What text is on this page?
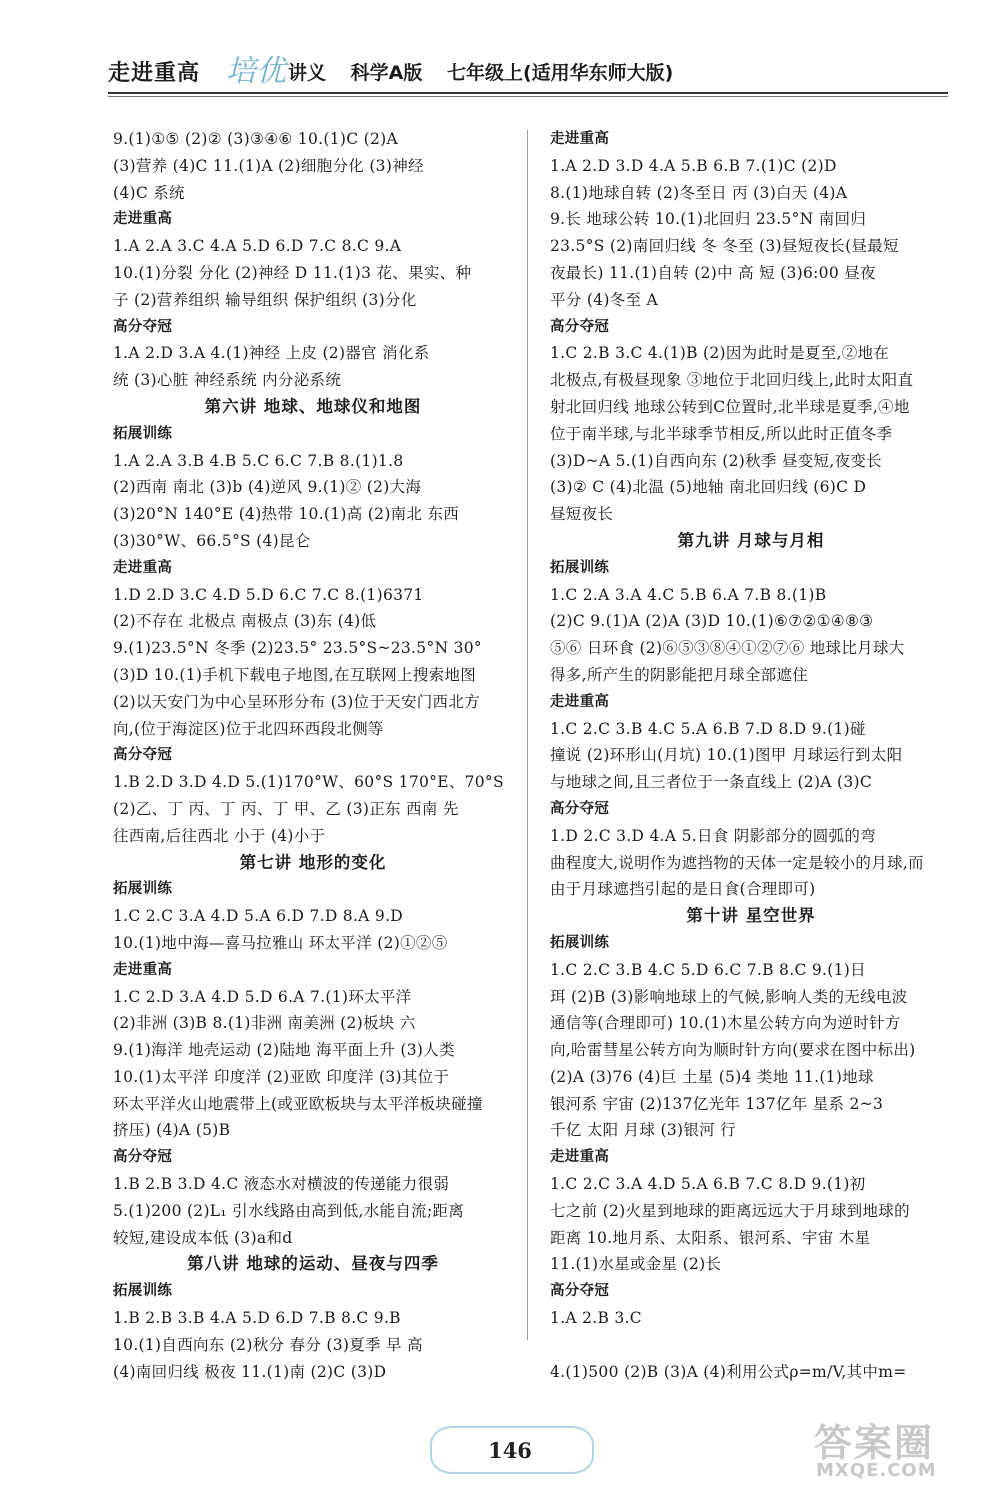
走进重高 培优 讲义 科学A版 七年级上(适用华东师大版)
9.(1)①⑤ (2)② (3)③④⑥ 10.(1)C (2)A
(3)营养 (4)C 11.(1)A (2)细胞分化 (3)神经
(4)C 系统
走进重高
1.A 2.A 3.C 4.A 5.D 6.D 7.C 8.C 9.A
10.(1)分裂 分化 (2)神经 D 11.(1)3 花、果实、种
子 (2)营养组织 输导组织 保护组织 (3)分化
高分夺冠
1.A 2.D 3.A 4.(1)神经 上皮 (2)器官 消化系
统 (3)心脏 神经系统 内分泌系统
第六讲 地球、地球仪和地图
拓展训练
1.A 2.A 3.B 4.B 5.C 6.C 7.B 8.(1)1.8
(2)西南 南北 (3)b (4)逆风 9.(1)② (2)大海
(3)20°N 140°E (4)热带 10.(1)高 (2)南北 东西
(3)30°W、66.5°S (4)昆仑
走进重高
1.D 2.D 3.C 4.D 5.D 6.C 7.C 8.(1)6371
(2)不存在 北极点 南极点 (3)东 (4)低
9.(1)23.5°N 冬季 (2)23.5° 23.5°S~23.5°N 30°
(3)D 10.(1)手机下载电子地图,在互联网上搜索地图
(2)以天安门为中心呈环形分布 (3)位于天安门西北方
向,(位于海淀区)位于北四环西段北侧等
高分夺冠
1.B 2.D 3.D 4.D 5.(1)170°W、60°S 170°E、70°S
(2)乙、丁 丙、丁 丙、丁 甲、乙 (3)正东 西南 先
往西南,后往西北 小于 (4)小于
第七讲 地形的变化
拓展训练
1.C 2.C 3.A 4.D 5.A 6.D 7.D 8.A 9.D
10.(1)地中海—喜马拉雅山 环太平洋 (2)①②⑤
走进重高
1.C 2.D 3.A 4.D 5.D 6.A 7.(1)环太平洋
(2)非洲 (3)B 8.(1)非洲 南美洲 (2)板块 六
9.(1)海洋 地壳运动 (2)陆地 海平面上升 (3)人类
10.(1)太平洋 印度洋 (2)亚欧 印度洋 (3)其位于
环太平洋火山地震带上(或亚欧板块与太平洋板块碰撞
挤压) (4)A (5)B
高分夺冠
1.B 2.B 3.D 4.C 液态水对横波的传递能力很弱
5.(1)200 (2)L₁ 引水线路由高到低,水能自流;距离
较短,建设成本低 (3)a和d
第八讲 地球的运动、昼夜与四季
拓展训练
1.B 2.B 3.B 4.A 5.D 6.D 7.B 8.C 9.B
10.(1)自西向东 (2)秋分 春分 (3)夏季 早 高
(4)南回归线 极夜 11.(1)南 (2)C (3)D
走进重高
1.A 2.D 3.D 4.A 5.B 6.B 7.(1)C (2)D
8.(1)地球自转 (2)冬至日 丙 (3)白天 (4)A
9.长 地球公转 10.(1)北回归 23.5°N 南回归
23.5°S (2)南回归线 冬 冬至 (3)昼短夜长(昼最短
夜最长) 11.(1)自转 (2)中 高 短 (3)6:00 昼夜
平分 (4)冬至 A
高分夺冠
1.C 2.B 3.C 4.(1)B (2)因为此时是夏至,②地在
北极点,有极昼现象 ③地位于北回归线上,此时太阳直
射北回归线 地球公转到C位置时,北半球是夏季,④地
位于南半球,与北半球季节相反,所以此时正值冬季
(3)D~A 5.(1)自西向东 (2)秋季 昼变短,夜变长
(3)② C (4)北温 (5)地轴 南北回归线 (6)C D
昼短夜长
第九讲 月球与月相
拓展训练
1.C 2.A 3.A 4.C 5.B 6.A 7.B 8.(1)B
(2)C 9.(1)A (2)A (3)D 10.(1)⑥⑦②①④⑧③
⑤⑥ 日环食 (2)⑥⑤③⑧④①②⑦⑥ 地球比月球大
得多,所产生的阴影能把月球全部遮住
走进重高
1.C 2.C 3.B 4.C 5.A 6.B 7.D 8.D 9.(1)碰
撞说 (2)环形山(月坑) 10.(1)图甲 月球运行到太阳
与地球之间,且三者位于一条直线上 (2)A (3)C
高分夺冠
1.D 2.C 3.D 4.A 5.日食 阴影部分的圆弧的弯
曲程度大,说明作为遮挡物的天体一定是较小的月球,而
由于月球遮挡引起的是日食(合理即可)
第十讲 星空世界
拓展训练
1.C 2.C 3.B 4.C 5.D 6.C 7.B 8.C 9.(1)日
珥 (2)B (3)影响地球上的气候,影响人类的无线电波
通信等(合理即可) 10.(1)木星公转方向为逆时针方
向,哈雷彗星公转方向为顺时针方向(要求在图中标出)
(2)A (3)76 (4)巨 土星 (5)4 类地 11.(1)地球
银河系 宇宙 (2)137亿光年 137亿年 星系 2~3
千亿 太阳 月球 (3)银河 行
走进重高
1.C 2.C 3.A 4.D 5.A 6.B 7.C 8.D 9.(1)初
七之前 (2)火星到地球的距离远远大于月球到地球的
距离 10.地月系、太阳系、银河系、宇宙 木星
11.(1)水星或金星 (2)长
高分夺冠
1.A 2.B 3.C
4.(1)500 (2)B (3)A (4)利用公式ρ=m/V,其中m=
146	答案圈
MXQE.COM
